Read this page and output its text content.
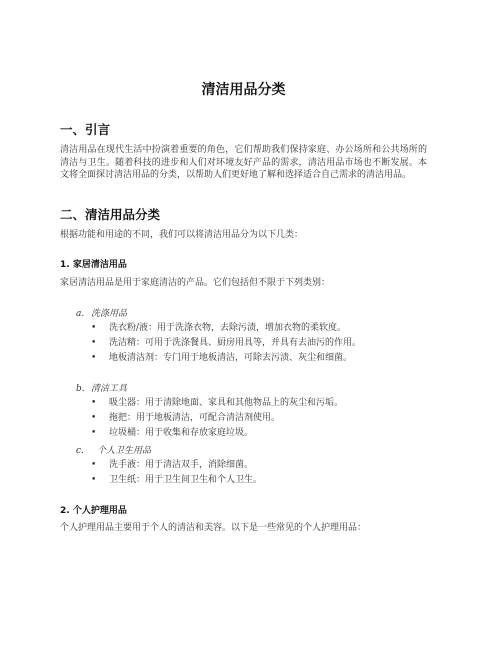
清洁用品分类
一、引言

清洁用品在现代生活中扮演着重要的角色，它们帮助我们保持家庭、办公场所和公共场所的清洁与卫生。随着科技的进步和人们对环境友好产品的需求，清洁用品市场也不断发展。本文将全面探讨清洁用品的分类，以帮助人们更好地了解和选择适合自己需求的清洁用品。

二、清洁用品分类

根据功能和用途的不同，我们可以将清洁用品分为以下几类：

1. 家居清洁用品

家居清洁用品是用于家庭清洁的产品。它们包括但不限于下列类别：

a. 洗涤用品
• 洗衣粉/液：用于洗涤衣物，去除污渍，增加衣物的柔软度。
• 洗洁精：可用于洗涤餐具、厨房用具等，并具有去油污的作用。
• 地板清洁剂：专门用于地板清洁，可除去污渍、灰尘和细菌。
b. 清洁工具
• 吸尘器：用于清除地面、家具和其他物品上的灰尘和污垢。
• 拖把：用于地板清洁，可配合清洁剂使用。
• 垃圾桶：用于收集和存放家庭垃圾。
c. 个人卫生用品
• 洗手液：用于清洁双手，消除细菌。
• 卫生纸：用于卫生间卫生和个人卫生。
2. 个人护理用品

个人护理用品主要用于个人的清洁和美容。以下是一些常见的个人护理用品：
